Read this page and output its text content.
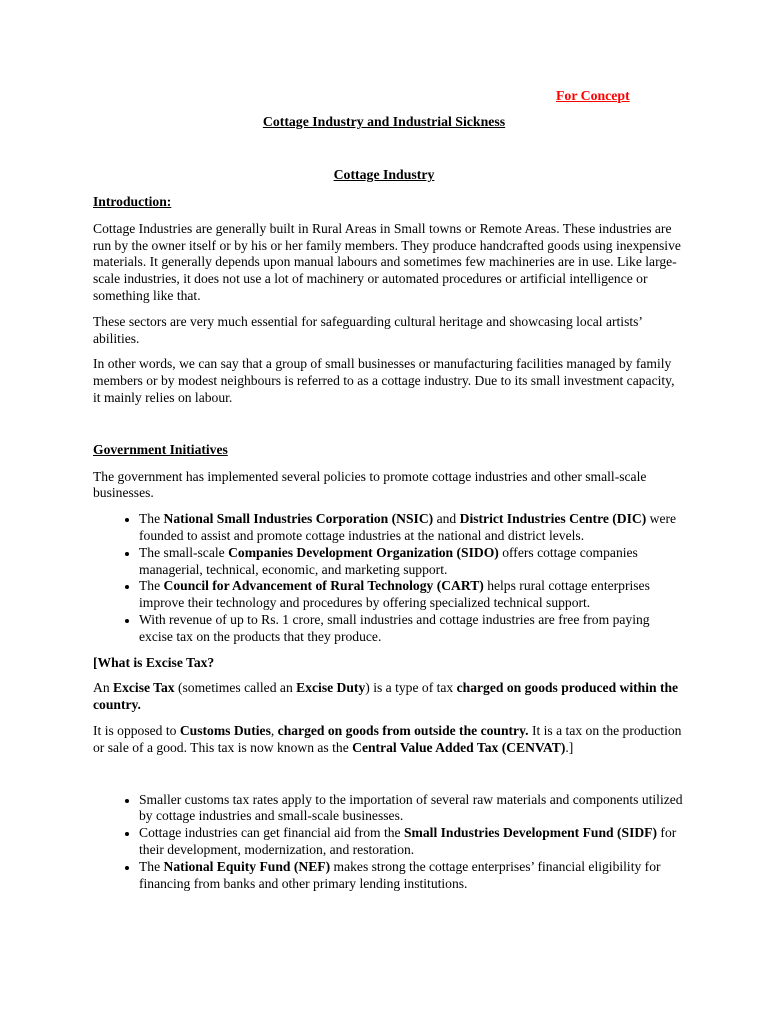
For Concept
Cottage Industry and Industrial Sickness
Cottage Industry
Introduction:

Cottage Industries are generally built in Rural Areas in Small towns or Remote Areas. These industries are run by the owner itself or by his or her family members. They produce handcrafted goods using inexpensive materials. It generally depends upon manual labours and sometimes few machineries are in use. Like large-scale industries, it does not use a lot of machinery or automated procedures or artificial intelligence or something like that.

These sectors are very much essential for safeguarding cultural heritage and showcasing local artists’ abilities.

In other words, we can say that a group of small businesses or manufacturing facilities managed by family members or by modest neighbours is referred to as a cottage industry. Due to its small investment capacity, it mainly relies on labour.

Government Initiatives

The government has implemented several policies to promote cottage industries and other small-scale businesses.

• The National Small Industries Corporation (NSIC) and District Industries Centre (DIC) were founded to assist and promote cottage industries at the national and district levels.
• The small-scale Companies Development Organization (SIDO) offers cottage companies managerial, technical, economic, and marketing support.
• The Council for Advancement of Rural Technology (CART) helps rural cottage enterprises improve their technology and procedures by offering specialized technical support.
• With revenue of up to Rs. 1 crore, small industries and cottage industries are free from paying excise tax on the products that they produce.

[What is Excise Tax?

An Excise Tax (sometimes called an Excise Duty) is a type of tax charged on goods produced within the country.

It is opposed to Customs Duties, charged on goods from outside the country. It is a tax on the production or sale of a good. This tax is now known as the Central Value Added Tax (CENVAT).]

• Smaller customs tax rates apply to the importation of several raw materials and components utilized by cottage industries and small-scale businesses.
• Cottage industries can get financial aid from the Small Industries Development Fund (SIDF) for their development, modernization, and restoration.
• The National Equity Fund (NEF) makes strong the cottage enterprises’ financial eligibility for financing from banks and other primary lending institutions.
